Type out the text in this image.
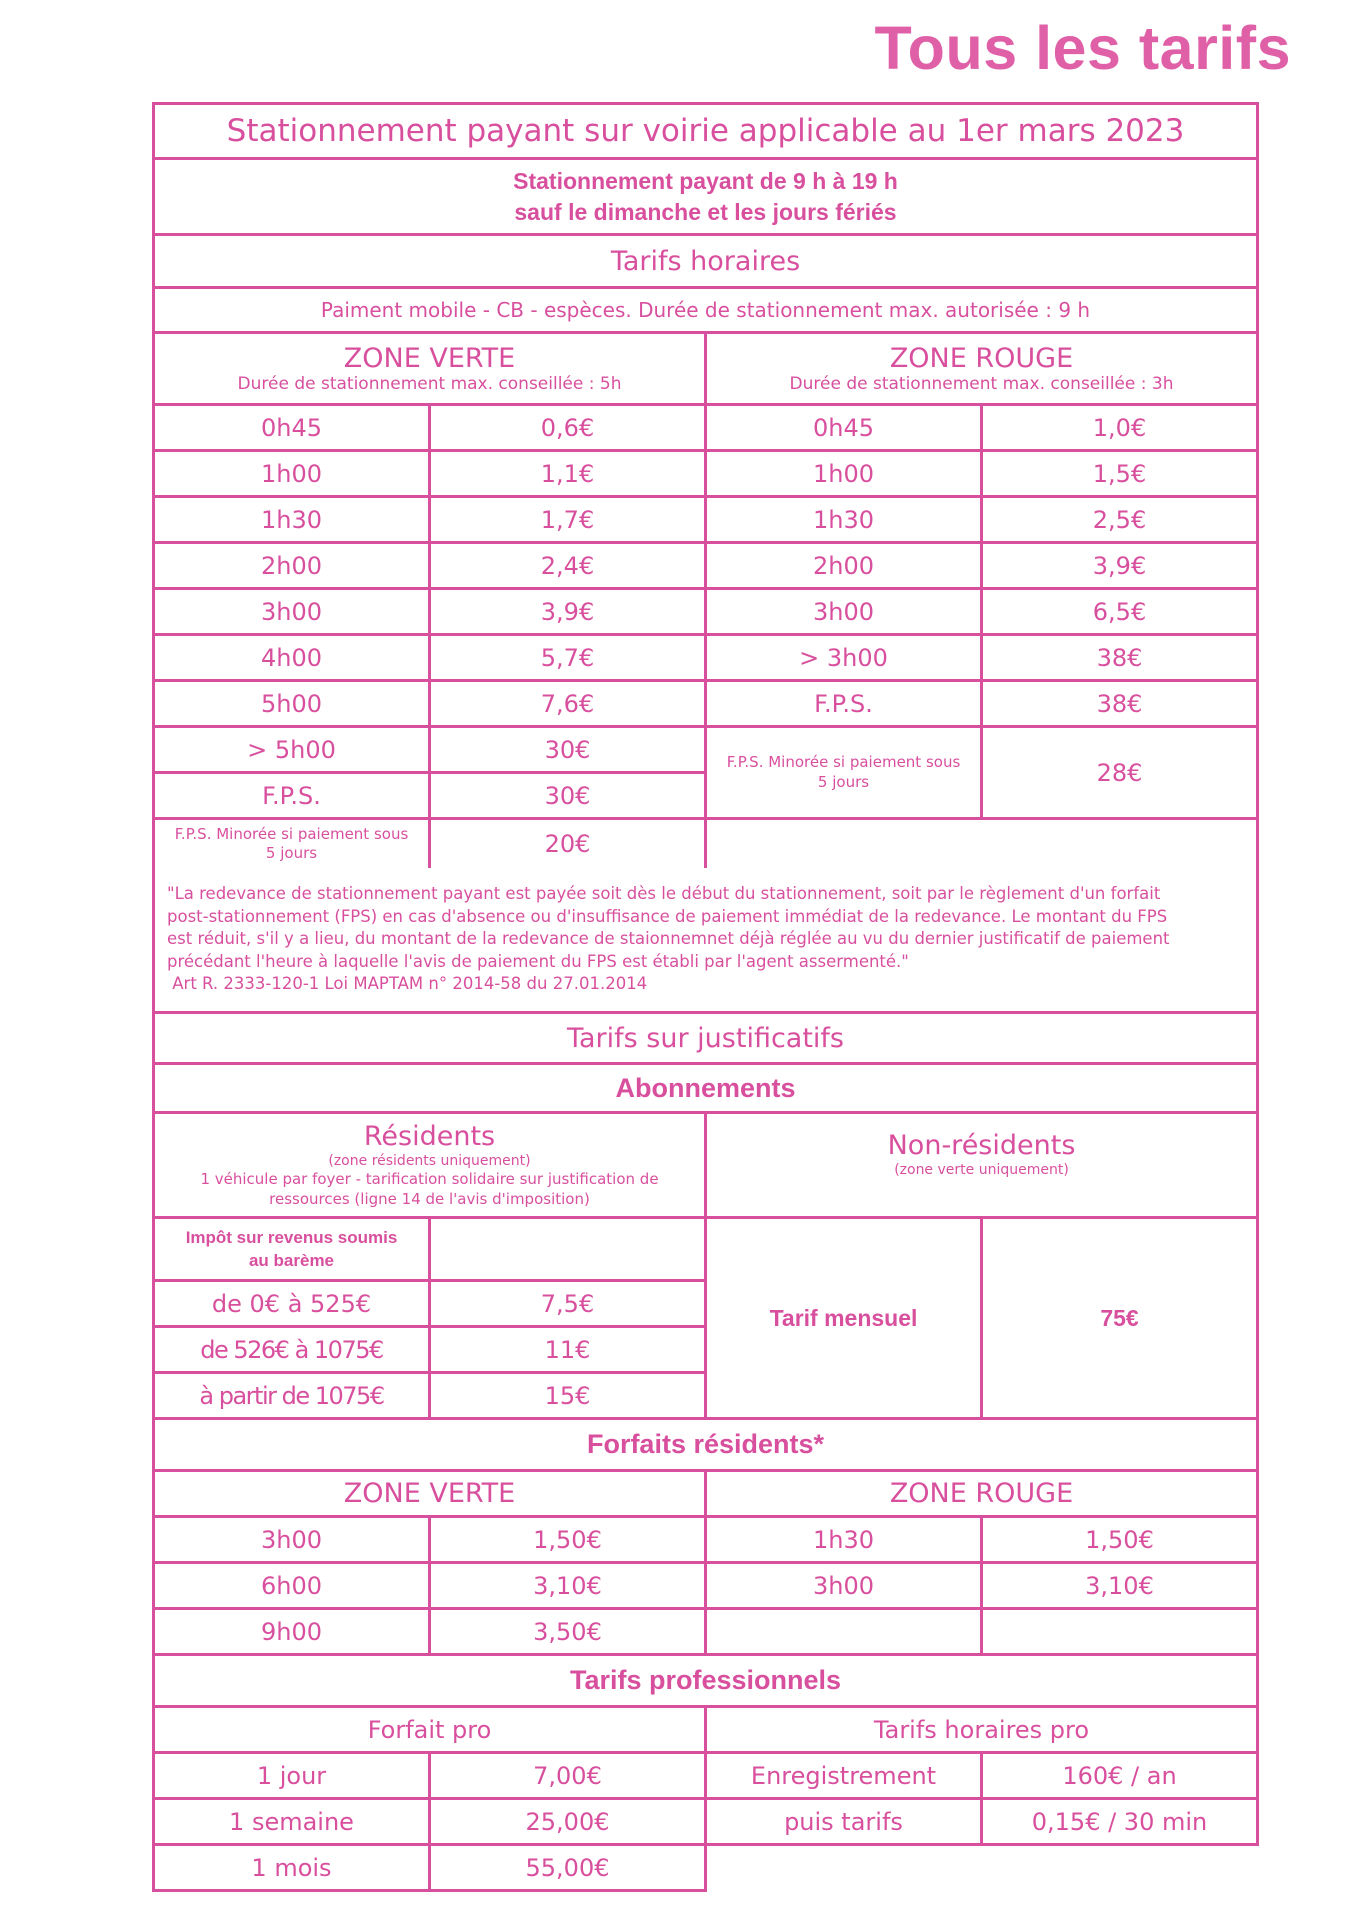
Tous les tarifs
Stationnement payant sur voirie applicable au 1er mars 2023
Stationnement payant de 9 h à 19 h
sauf le dimanche et les jours fériés
Tarifs horaires
Paiment mobile - CB - espèces. Durée de stationnement max. autorisée : 9 h
ZONE VERTE
Durée de stationnement max. conseillée : 5h
ZONE ROUGE
Durée de stationnement max. conseillée : 3h
0h45	0,6€
1h00	1,1€
1h30	1,7€
2h00	2,4€
3h00	3,9€
4h00	5,7€
5h00	7,6€
> 5h00	30€
F.P.S.	30€
F.P.S. Minorée si paiement sous
5 jours	20€
0h45	1,0€
1h00	1,5€
1h30	2,5€
2h00	3,9€
3h00	6,5€
> 3h00	38€
F.P.S.	38€
F.P.S. Minorée si paiement sous
5 jours	28€
"La redevance de stationnement payant est payée soit dès le début du stationnement, soit par le règlement d'un forfait
post-stationnement (FPS) en cas d'absence ou d'insuffisance de paiement immédiat de la redevance. Le montant du FPS
est réduit, s'il y a lieu, du montant de la redevance de staionnemnet déjà réglée au vu du dernier justificatif de paiement
précédant l'heure à laquelle l'avis de paiement du FPS est établi par l'agent assermenté."
Art R. 2333-120-1 Loi MAPTAM n° 2014-58 du 27.01.2014
Tarifs sur justificatifs
Abonnements
Résidents
(zone résidents uniquement)
1 véhicule par foyer - tarification solidaire sur justification de
ressources (ligne 14 de l'avis d'imposition)
Non-résidents
(zone verte uniquement)
Impôt sur revenus soumis
au barème
de 0€ à 525€	7,5€
de 526€ à 1075€	11€
à partir de 1075€	15€
Tarif mensuel	75€
Forfaits résidents*
ZONE VERTE	ZONE ROUGE
3h00	1,50€	1h30	1,50€
6h00	3,10€	3h00	3,10€
9h00	3,50€
Tarifs professionnels
Forfait pro	Tarifs horaires pro
1 jour	7,00€
1 semaine	25,00€
1 mois	55,00€
Enregistrement	160€ / an
puis tarifs	0,15€ / 30 min
